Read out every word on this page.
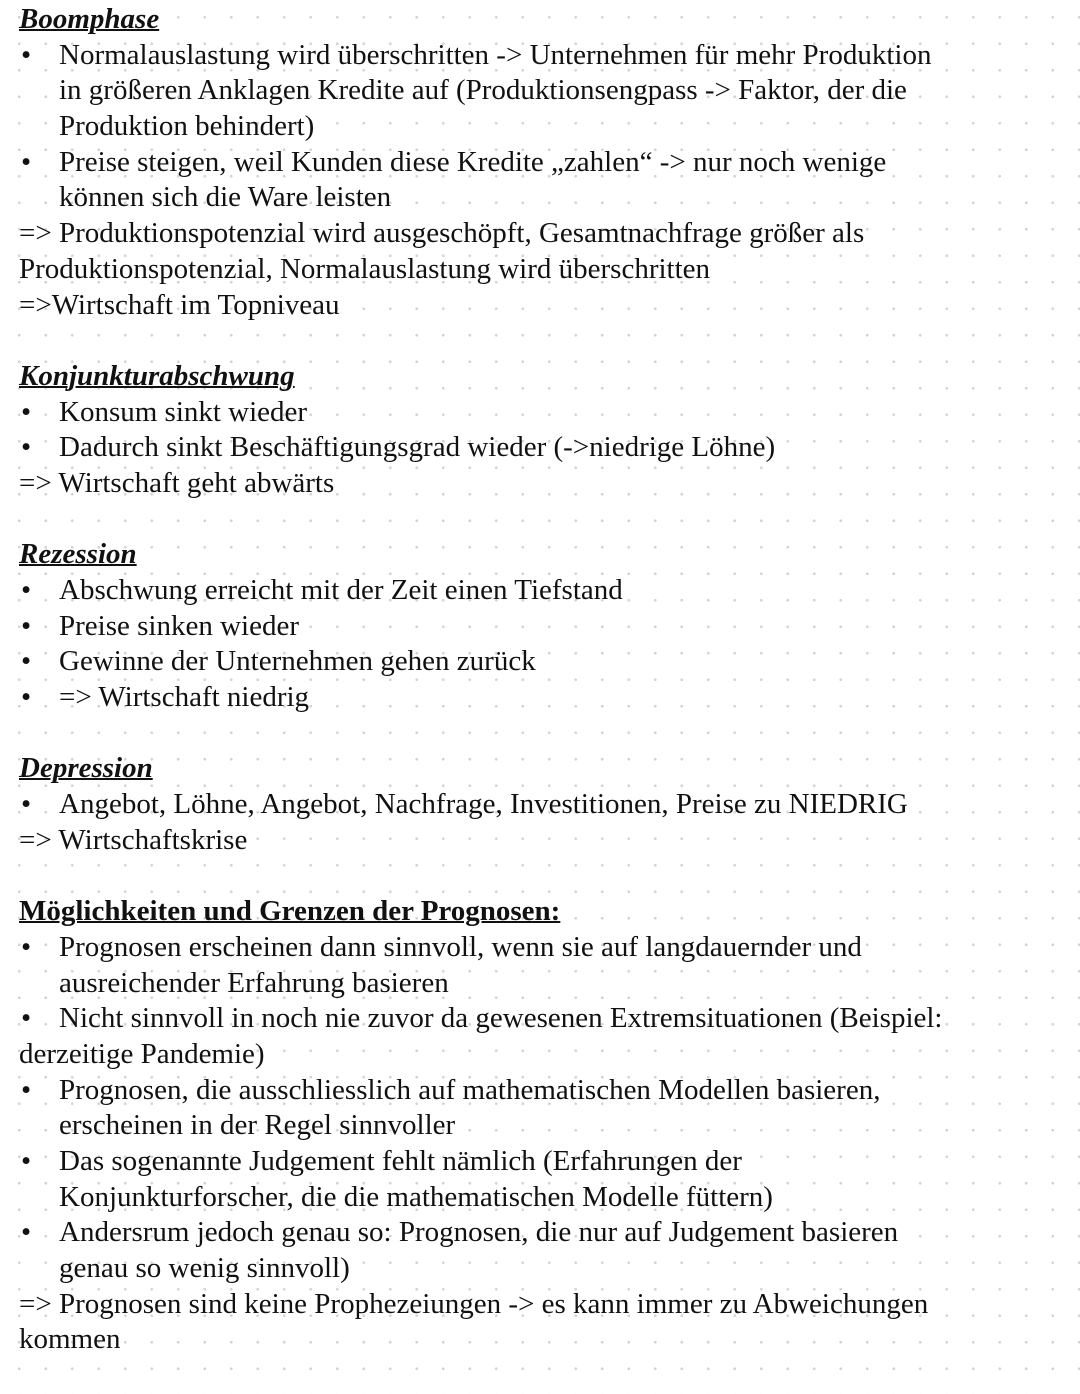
Boomphase
• Normalauslastung wird überschritten -> Unternehmen für mehr Produktion
in größeren Anklagen Kredite auf (Produktionsengpass -> Faktor, der die
Produktion behindert)
• Preise steigen, weil Kunden diese Kredite „zahlen“ -> nur noch wenige
können sich die Ware leisten
=> Produktionspotenzial wird ausgeschöpft, Gesamtnachfrage größer als
Produktionspotenzial, Normalauslastung wird überschritten
=>Wirtschaft im Topniveau
Konjunkturabschwung
• Konsum sinkt wieder
• Dadurch sinkt Beschäftigungsgrad wieder (->niedrige Löhne)
=> Wirtschaft geht abwärts
Rezession
• Abschwung erreicht mit der Zeit einen Tiefstand
• Preise sinken wieder
• Gewinne der Unternehmen gehen zurück
• => Wirtschaft niedrig
Depression
• Angebot, Löhne, Angebot, Nachfrage, Investitionen, Preise zu NIEDRIG
=> Wirtschaftskrise
Möglichkeiten und Grenzen der Prognosen:
• Prognosen erscheinen dann sinnvoll, wenn sie auf langdauernder und
ausreichender Erfahrung basieren
• Nicht sinnvoll in noch nie zuvor da gewesenen Extremsituationen (Beispiel:
derzeitige Pandemie)
• Prognosen, die ausschliesslich auf mathematischen Modellen basieren,
erscheinen in der Regel sinnvoller
• Das sogenannte Judgement fehlt nämlich (Erfahrungen der
Konjunkturforscher, die die mathematischen Modelle füttern)
• Andersrum jedoch genau so: Prognosen, die nur auf Judgement basieren
genau so wenig sinnvoll)
=> Prognosen sind keine Prophezeiungen -> es kann immer zu Abweichungen
kommen
